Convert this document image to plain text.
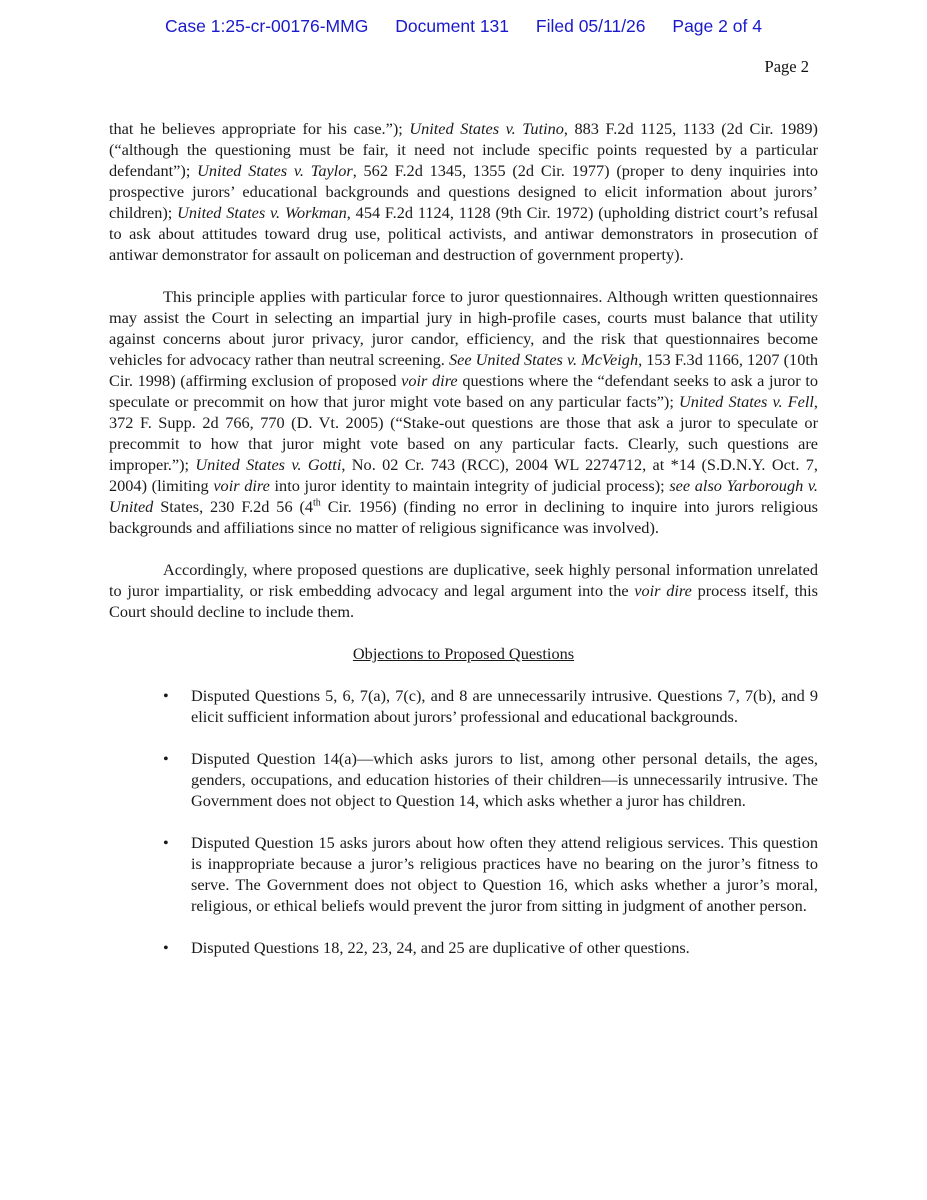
Case 1:25-cr-00176-MMG Document 131 Filed 05/11/26 Page 2 of 4
Page 2

that he believes appropriate for his case.”); United States v. Tutino, 883 F.2d 1125, 1133 (2d Cir. 1989) (“although the questioning must be fair, it need not include specific points requested by a particular defendant”); United States v. Taylor, 562 F.2d 1345, 1355 (2d Cir. 1977) (proper to deny inquiries into prospective jurors’ educational backgrounds and questions designed to elicit information about jurors’ children); United States v. Workman, 454 F.2d 1124, 1128 (9th Cir. 1972) (upholding district court’s refusal to ask about attitudes toward drug use, political activists, and antiwar demonstrators in prosecution of antiwar demonstrator for assault on policeman and destruction of government property).

This principle applies with particular force to juror questionnaires. Although written questionnaires may assist the Court in selecting an impartial jury in high-profile cases, courts must balance that utility against concerns about juror privacy, juror candor, efficiency, and the risk that questionnaires become vehicles for advocacy rather than neutral screening. See United States v. McVeigh, 153 F.3d 1166, 1207 (10th Cir. 1998) (affirming exclusion of proposed voir dire questions where the “defendant seeks to ask a juror to speculate or precommit on how that juror might vote based on any particular facts”); United States v. Fell, 372 F. Supp. 2d 766, 770 (D. Vt. 2005) (“Stake-out questions are those that ask a juror to speculate or precommit to how that juror might vote based on any particular facts. Clearly, such questions are improper.”); United States v. Gotti, No. 02 Cr. 743 (RCC), 2004 WL 2274712, at *14 (S.D.N.Y. Oct. 7, 2004) (limiting voir dire into juror identity to maintain integrity of judicial process); see also Yarborough v. United States, 230 F.2d 56 (4th Cir. 1956) (finding no error in declining to inquire into jurors religious backgrounds and affiliations since no matter of religious significance was involved).

Accordingly, where proposed questions are duplicative, seek highly personal information unrelated to juror impartiality, or risk embedding advocacy and legal argument into the voir dire process itself, this Court should decline to include them.

Objections to Proposed Questions
• Disputed Questions 5, 6, 7(a), 7(c), and 8 are unnecessarily intrusive. Questions 7, 7(b), and 9 elicit sufficient information about jurors’ professional and educational backgrounds.
• Disputed Question 14(a)—which asks jurors to list, among other personal details, the ages, genders, occupations, and education histories of their children—is unnecessarily intrusive. The Government does not object to Question 14, which asks whether a juror has children.
• Disputed Question 15 asks jurors about how often they attend religious services. This question is inappropriate because a juror’s religious practices have no bearing on the juror’s fitness to serve. The Government does not object to Question 16, which asks whether a juror’s moral, religious, or ethical beliefs would prevent the juror from sitting in judgment of another person.
• Disputed Questions 18, 22, 23, 24, and 25 are duplicative of other questions.
